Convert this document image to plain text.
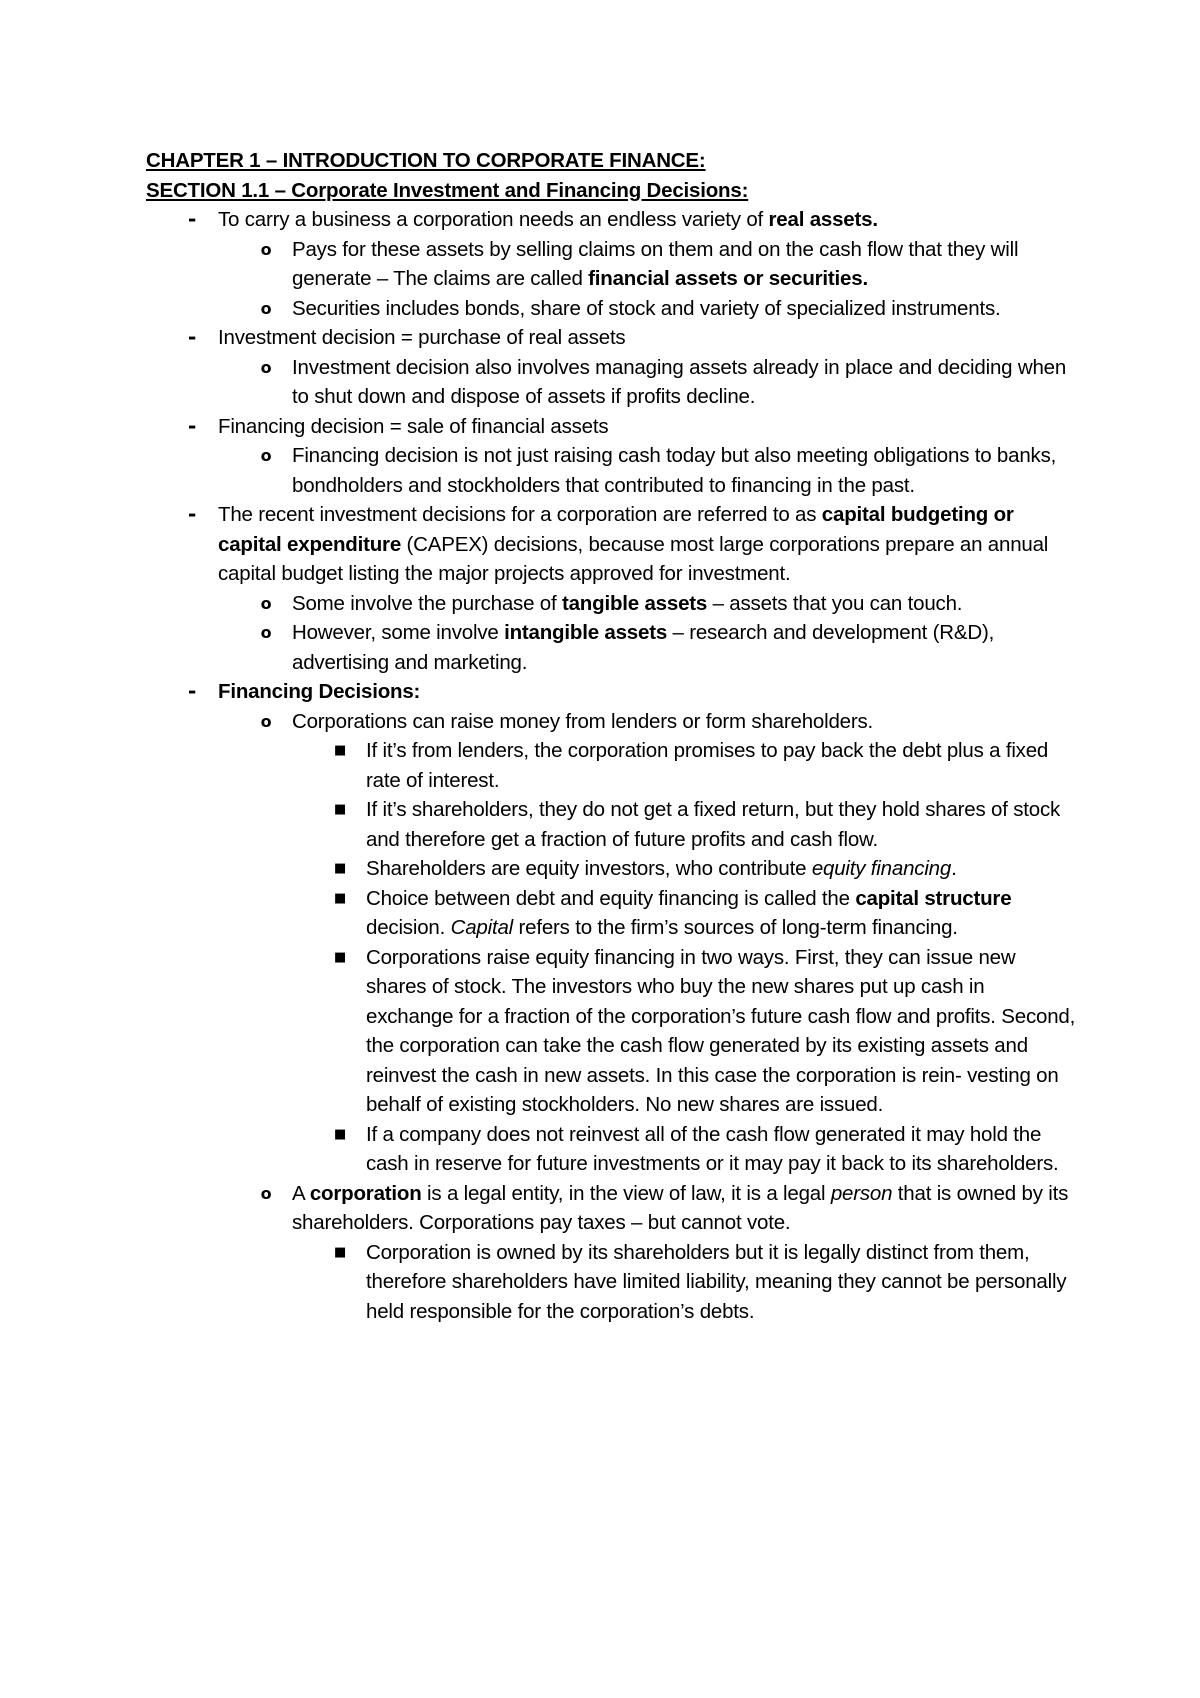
CHAPTER 1 – INTRODUCTION TO CORPORATE FINANCE:
SECTION 1.1 – Corporate Investment and Financing Decisions:
- To carry a business a corporation needs an endless variety of real assets.
o Pays for these assets by selling claims on them and on the cash flow that they will generate – The claims are called financial assets or securities.
o Securities includes bonds, share of stock and variety of specialized instruments.
- Investment decision = purchase of real assets
o Investment decision also involves managing assets already in place and deciding when to shut down and dispose of assets if profits decline.
- Financing decision = sale of financial assets
o Financing decision is not just raising cash today but also meeting obligations to banks, bondholders and stockholders that contributed to financing in the past.
- The recent investment decisions for a corporation are referred to as capital budgeting or capital expenditure (CAPEX) decisions, because most large corporations prepare an annual capital budget listing the major projects approved for investment.
o Some involve the purchase of tangible assets – assets that you can touch.
o However, some involve intangible assets – research and development (R&D), advertising and marketing.
- Financing Decisions:
o Corporations can raise money from lenders or form shareholders.
■ If it’s from lenders, the corporation promises to pay back the debt plus a fixed rate of interest.
■ If it’s shareholders, they do not get a fixed return, but they hold shares of stock and therefore get a fraction of future profits and cash flow.
■ Shareholders are equity investors, who contribute equity financing.
■ Choice between debt and equity financing is called the capital structure decision. Capital refers to the firm’s sources of long-term financing.
■ Corporations raise equity financing in two ways. First, they can issue new shares of stock. The investors who buy the new shares put up cash in exchange for a fraction of the corporation’s future cash flow and profits. Second, the corporation can take the cash flow generated by its existing assets and reinvest the cash in new assets. In this case the corporation is rein- vesting on behalf of existing stockholders. No new shares are issued.
■ If a company does not reinvest all of the cash flow generated it may hold the cash in reserve for future investments or it may pay it back to its shareholders.
o A corporation is a legal entity, in the view of law, it is a legal person that is owned by its shareholders. Corporations pay taxes – but cannot vote.
■ Corporation is owned by its shareholders but it is legally distinct from them, therefore shareholders have limited liability, meaning they cannot be personally held responsible for the corporation’s debts.
